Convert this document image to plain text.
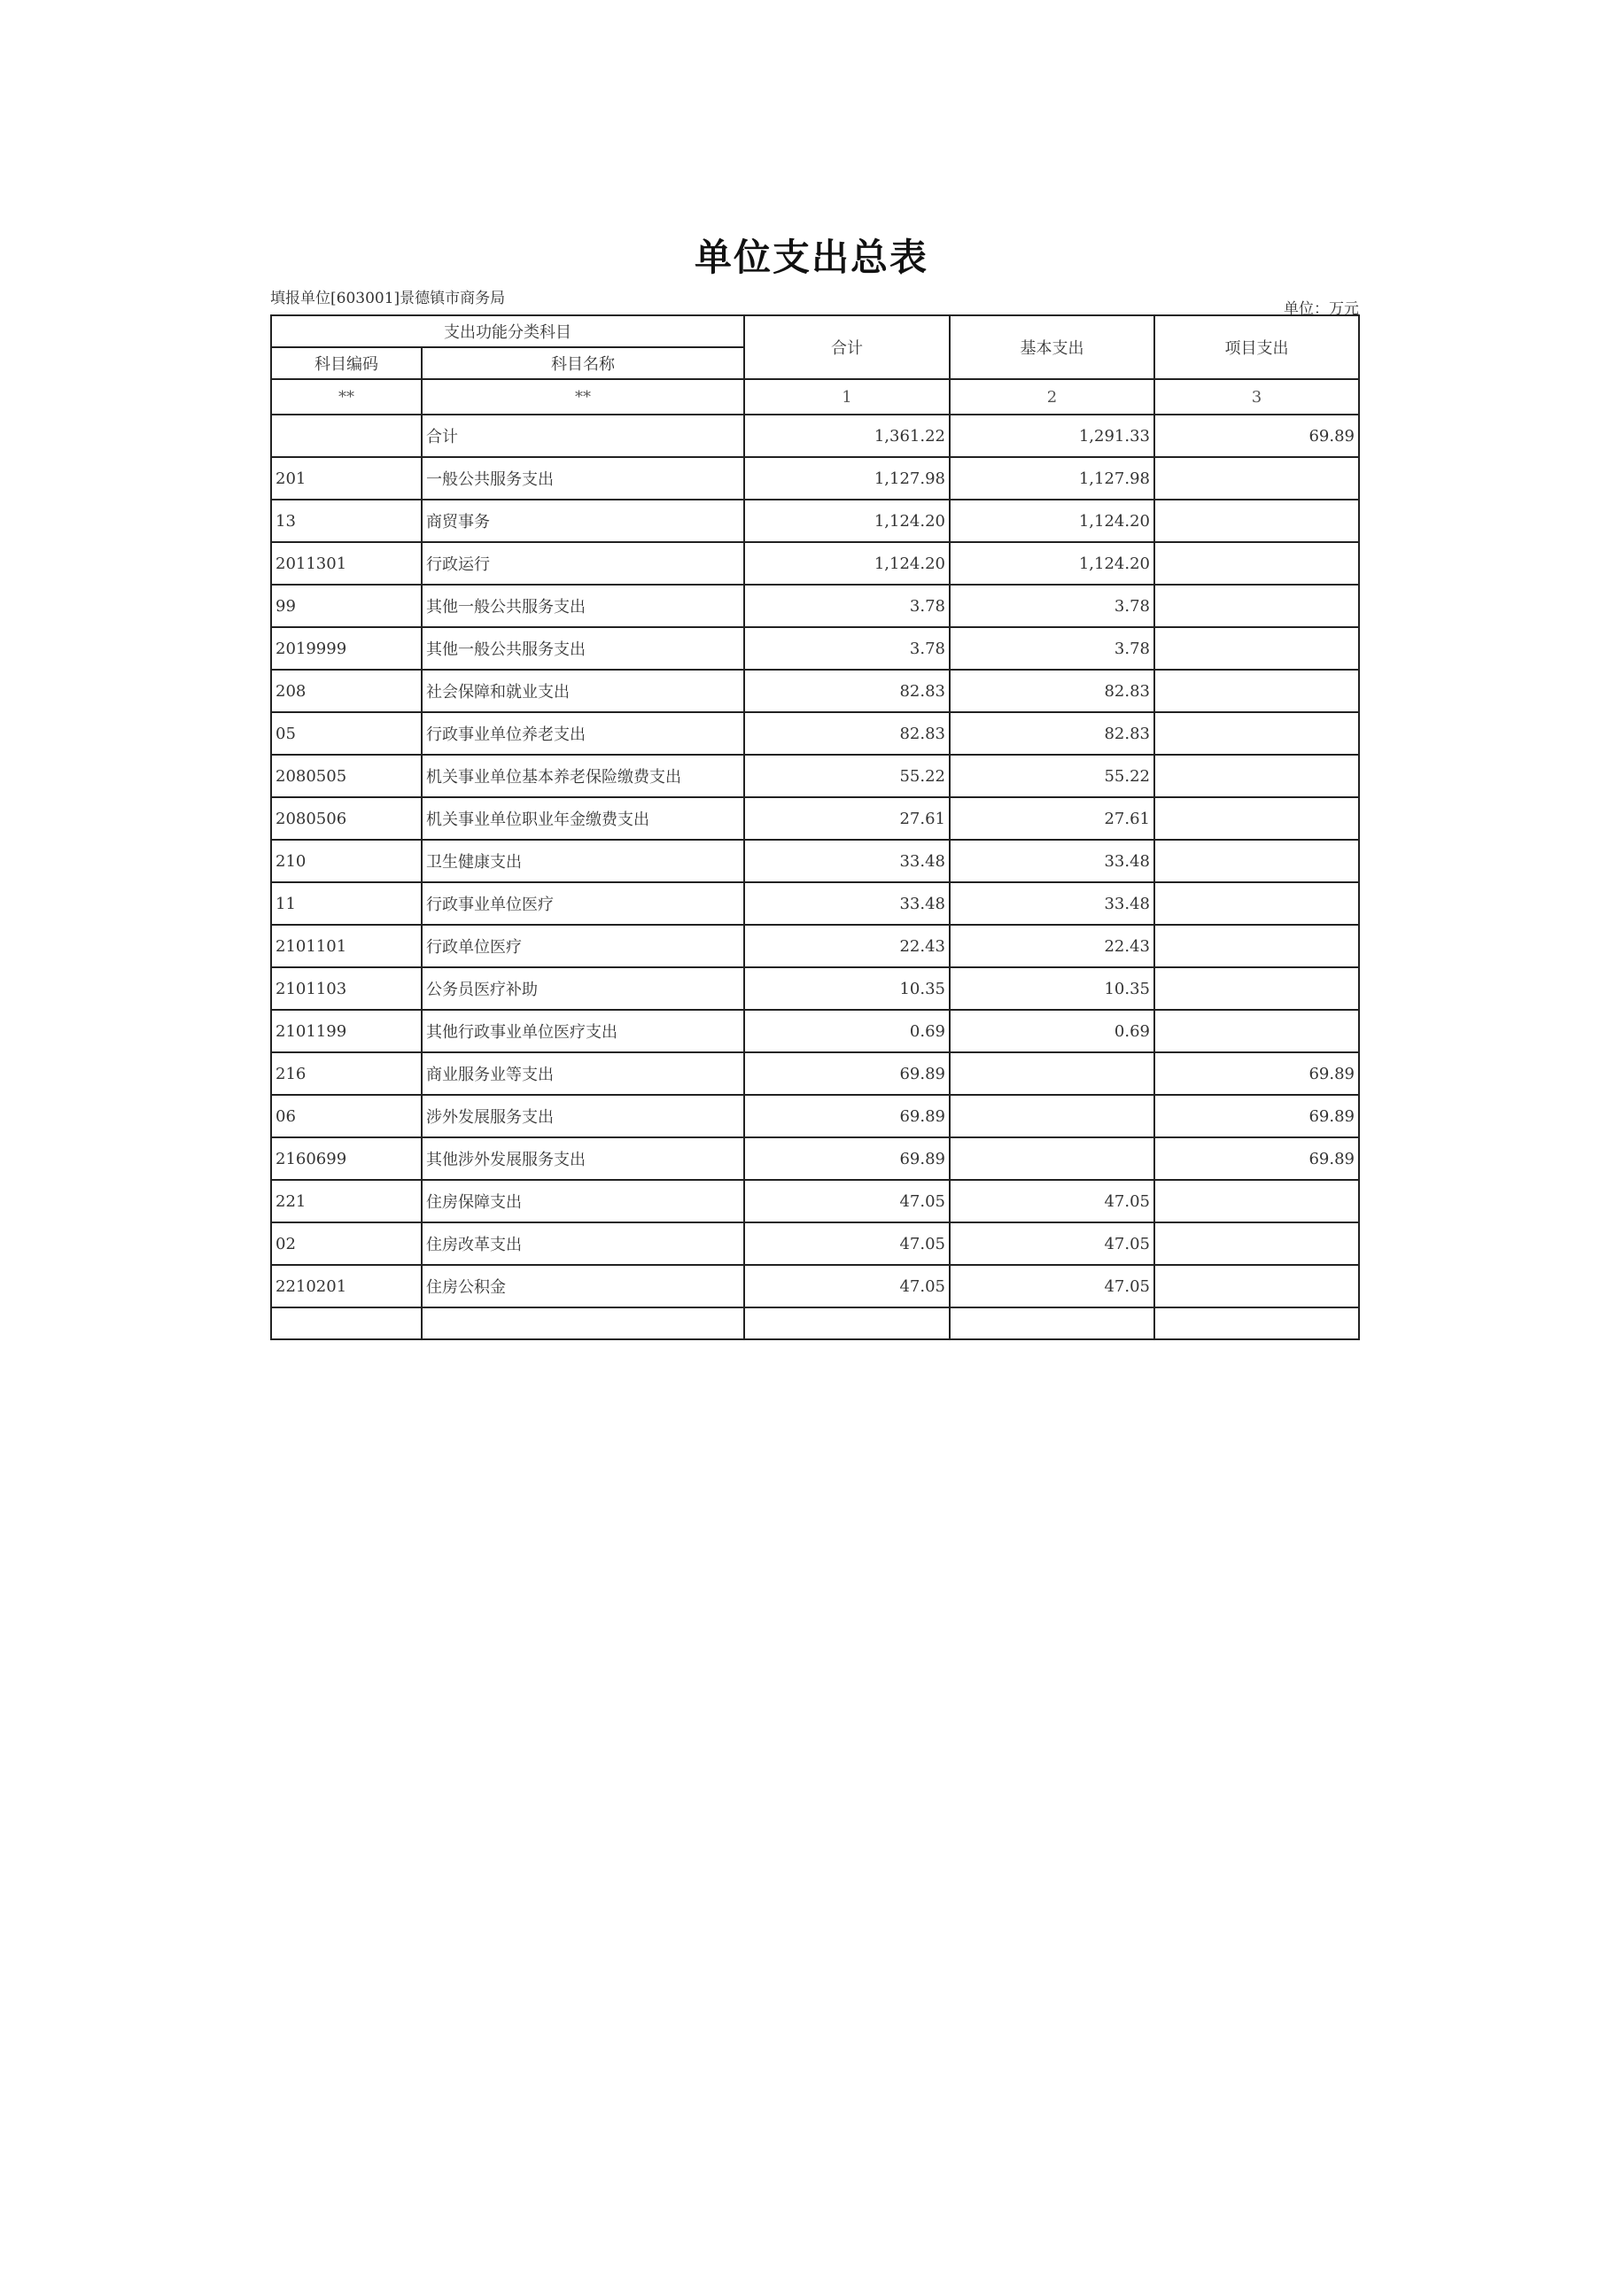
单位支出总表
填报单位[603001]景德镇市商务局
单位：万元
支出功能分类科目		合计	基本支出	项目支出
科目编码	科目名称			
**	**	1	2	3
	合计	1,361.22	1,291.33	69.89
201	一般公共服务支出	1,127.98	1,127.98	
13	商贸事务	1,124.20	1,124.20	
2011301	行政运行	1,124.20	1,124.20	
99	其他一般公共服务支出	3.78	3.78	
2019999	其他一般公共服务支出	3.78	3.78	
208	社会保障和就业支出	82.83	82.83	
05	行政事业单位养老支出	82.83	82.83	
2080505	机关事业单位基本养老保险缴费支出	55.22	55.22	
2080506	机关事业单位职业年金缴费支出	27.61	27.61	
210	卫生健康支出	33.48	33.48	
11	行政事业单位医疗	33.48	33.48	
2101101	行政单位医疗	22.43	22.43	
2101103	公务员医疗补助	10.35	10.35	
2101199	其他行政事业单位医疗支出	0.69	0.69	
216	商业服务业等支出	69.89		69.89
06	涉外发展服务支出	69.89		69.89
2160699	其他涉外发展服务支出	69.89		69.89
221	住房保障支出	47.05	47.05	
02	住房改革支出	47.05	47.05	
2210201	住房公积金	47.05	47.05	
